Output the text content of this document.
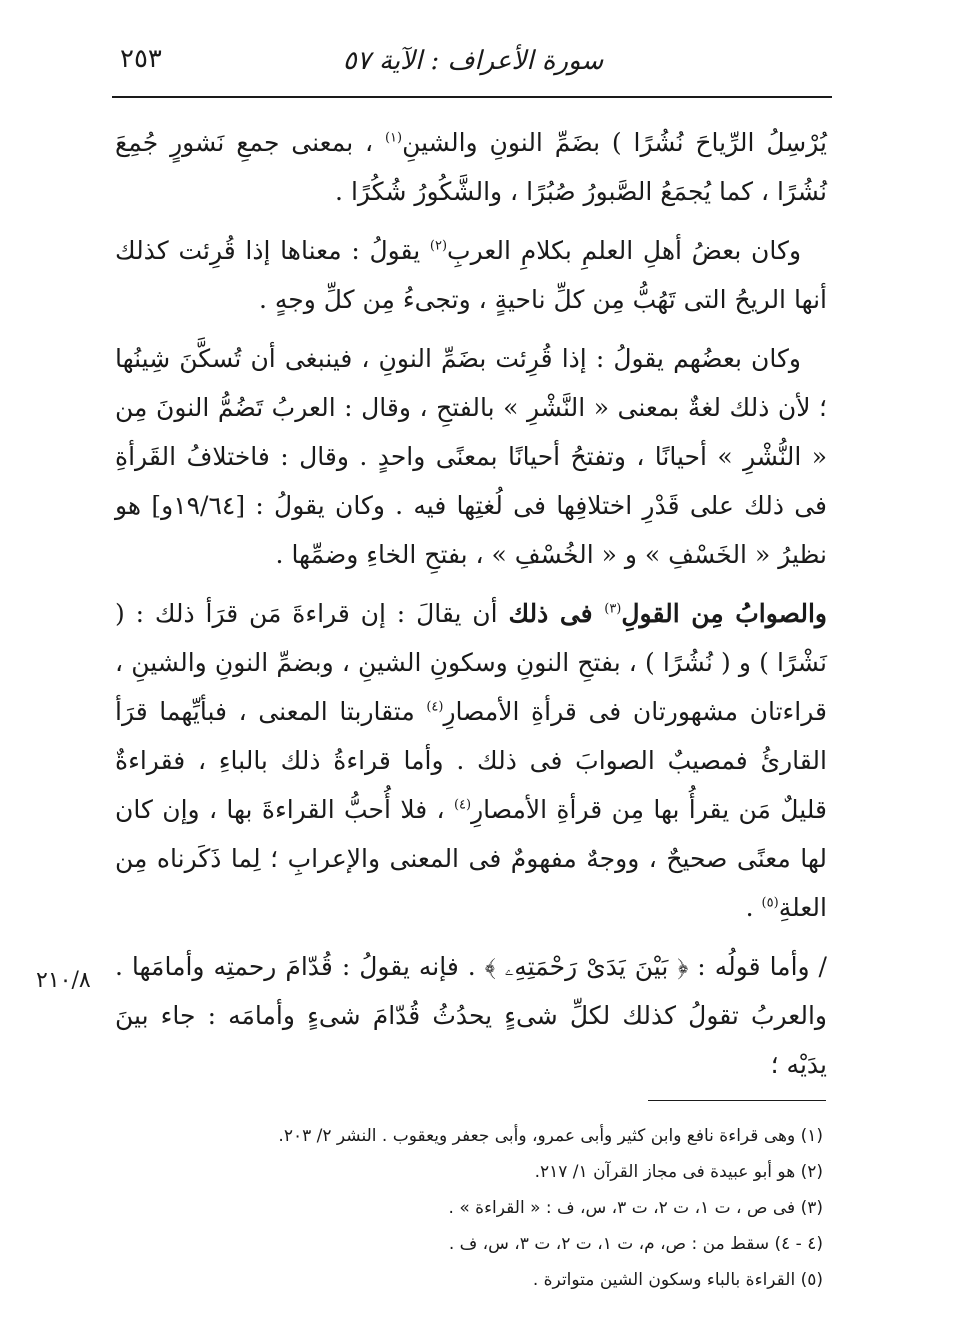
سورة الأعراف : الآية ٥٧
٢٥٣

يُرْسِلُ الرِّياحَ نُشُرًا ) بضَمِّ النونِ والشينِ$^{(١)}$ ، بمعنى جمعِ نَشورٍ جُمِعَ نُشُرًا ، كما يُجمَعُ الصَّبورُ صُبُرًا ، والشَّكُورُ شُكُرًا .

وكان بعضُ أهلِ العلمِ بكلامِ العربِ$^{(٢)}$ يقولُ : معناها إذا قُرِئت كذلك أنها الريحُ التى تَهُبُّ مِن كلِّ ناحيةٍ ، وتجىءُ مِن كلِّ وجهٍ .

وكان بعضُهم يقولُ : إذا قُرِئت بضَمِّ النونِ ، فينبغى أن تُسكَّنَ شِينُها ؛ لأن ذلك لغةٌ بمعنى « النَّشْرِ » بالفتحِ ، وقال : العربُ تَضُمُّ النونَ مِن « النُّشْرِ » أحيانًا ، وتفتحُ أحيانًا بمعنًى واحدٍ . وقال : فاختلافُ القَرأةِ فى ذلك على قَدْرِ اختلافِها فى لُغتِها فيه . وكان يقولُ : [١٩/٦٤و] هو نظيرُ « الخَسْفِ » و « الخُسْفِ » ، بفتحِ الخاءِ وضمِّها .

والصوابُ مِن القولِ$^{(٣)}$ فى ذلك أن يقالَ : إن قراءةَ مَن قرَأ ذلك : ( نَشْرًا ) و ( نُشُرًا ) ، بفتحِ النونِ وسكونِ الشينِ ، وبضمِّ النونِ والشينِ ، قراءتان مشهورتان فى قرأةِ الأمصارِ$^{(٤)}$ متقاربتا المعنى ، فبأيِّهما قرَأ القارئُ فمصيبٌ الصوابَ فى ذلك . وأما قراءةُ ذلك بالباءِ ، فقراءةٌ قليلٌ مَن يقرأُ بها مِن قرأةِ الأمصارِ$^{(٤)}$ ، فلا أُحبُّ القراءةَ بها ، وإن كان لها معنًى صحيحٌ ، ووجهٌ مفهومٌ فى المعنى والإعرابِ ؛ لِما ذَكَرناه مِن العلةِ$^{(٥)}$ .

/ وأما قولُه : ﴿ بَيْنَ يَدَىْ رَحْمَتِهِۦ ﴾ . فإنه يقولُ : قُدّامَ رحمتِه وأمامَها . والعربُ تقولُ كذلك لكلِّ شىءٍ يحدُثُ قُدّامَ شىءٍ وأمامَه : جاء بينَ يدَيْه ؛

٢١٠/٨

(١) وهى قراءة نافع وابن كثير وأبى عمرو، وأبى جعفر ويعقوب . النشر ٢/ ٢٠٣.

(٢) هو أبو عبيدة فى مجاز القرآن ١/ ٢١٧.

(٣) فى ص ، ت ١، ت ٢، ت ٣، س، ف : « القراءة » .

(٤ - ٤) سقط من : ص، م، ت ١، ت ٢، ت ٣، س، ف .

(٥) القراءة بالباء وسكون الشين متواترة .
